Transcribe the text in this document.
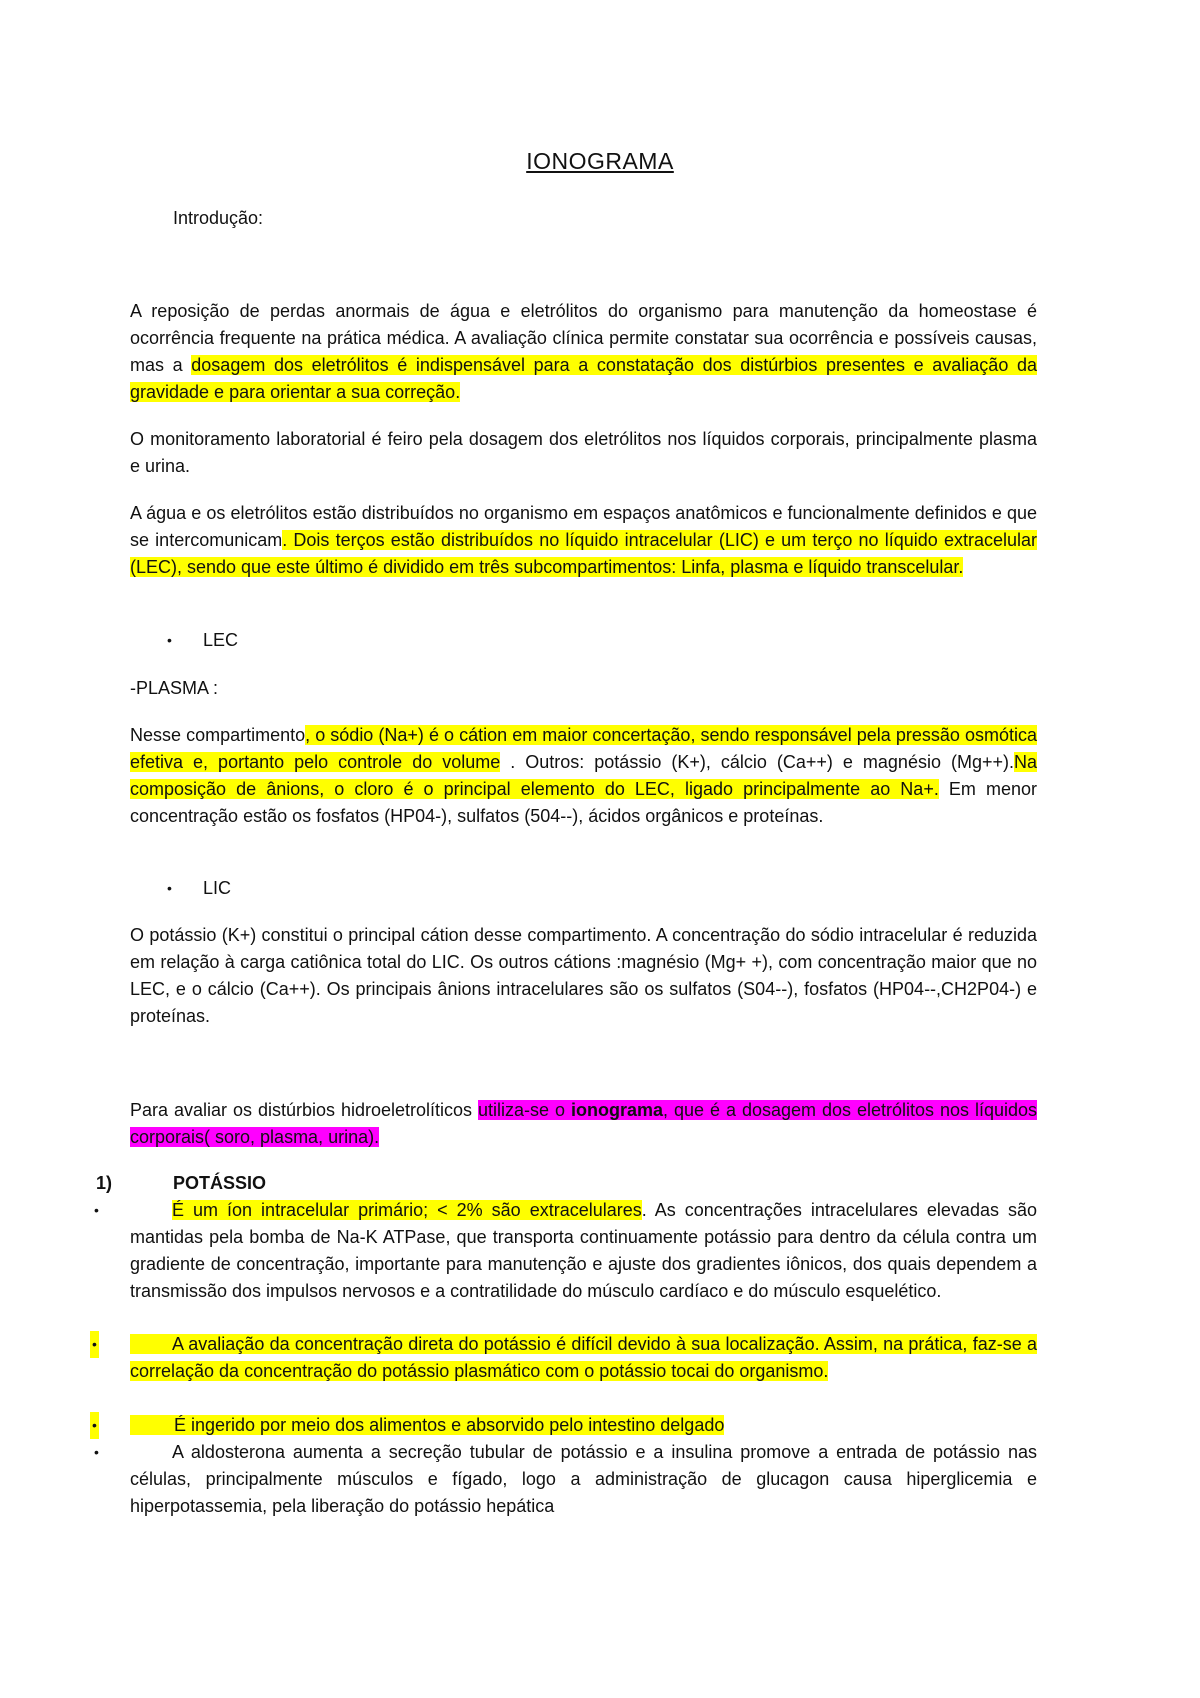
IONOGRAMA
Introdução:
A reposição de perdas anormais de água e eletrólitos do organismo para manutenção da homeostase é ocorrência frequente na prática médica. A avaliação clínica permite constatar sua ocorrência e possíveis causas, mas a dosagem dos eletrólitos é indispensável para a constatação dos distúrbios presentes e avaliação da gravidade e para orientar a sua correção.
O monitoramento laboratorial é feiro pela dosagem dos eletrólitos nos líquidos corporais, principalmente plasma e urina.
A água e os eletrólitos estão distribuídos no organismo em espaços anatômicos e funcionalmente definidos e que se intercomunicam. Dois terços estão distribuídos no líquido intracelular (LIC) e um terço no líquido extracelular (LEC), sendo que este último é dividido em três subcompartimentos: Linfa, plasma e líquido transcelular.
• LEC
-PLASMA :
Nesse compartimento, o sódio (Na+) é o cátion em maior concertação, sendo responsável pela pressão osmótica efetiva e, portanto pelo controle do volume . Outros: potássio (K+), cálcio (Ca++) e magnésio (Mg++).Na composição de ânions, o cloro é o principal elemento do LEC, ligado principalmente ao Na+. Em menor concentração estão os fosfatos (HP04-), sulfatos (504--), ácidos orgânicos e proteínas.
• LIC
O potássio (K+) constitui o principal cátion desse compartimento. A concentração do sódio intracelular é reduzida em relação à carga catiônica total do LIC. Os outros cátions :magnésio (Mg+ +), com concentração maior que no LEC, e o cálcio (Ca++). Os principais ânions intracelulares são os sulfatos (S04--), fosfatos (HP04--,CH2P04-) e proteínas.
Para avaliar os distúrbios hidroeletrolíticos utiliza-se o ionograma, que é a dosagem dos eletrólitos nos líquidos corporais( soro, plasma, urina).
1)	POTÁSSIO
•	É um íon intracelular primário; < 2% são extracelulares. As concentrações intracelulares elevadas são mantidas pela bomba de Na-K ATPase, que transporta continuamente potássio para dentro da célula contra um gradiente de concentração, importante para manutenção e ajuste dos gradientes iônicos, dos quais dependem a transmissão dos impulsos nervosos e a contratilidade do músculo cardíaco e do músculo esquelético.
•	A avaliação da concentração direta do potássio é difícil devido à sua localização. Assim, na prática, faz-se a correlação da concentração do potássio plasmático com o potássio tocai do organismo.
•	É ingerido por meio dos alimentos e absorvido pelo intestino delgado
•	A aldosterona aumenta a secreção tubular de potássio e a insulina promove a entrada de potássio nas células, principalmente músculos e fígado, logo a administração de glucagon causa hiperglicemia e hiperpotassemia, pela liberação do potássio hepática
